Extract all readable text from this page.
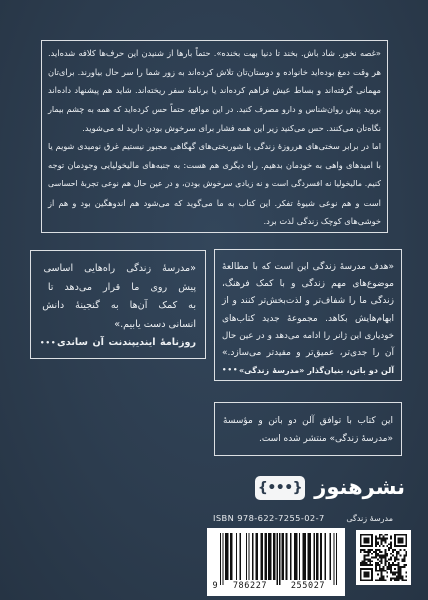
«غصه نخور. شاد باش. بخند تا دنیا بهت بخنده». حتماً بارها از شنیدن این حرف‌ها کلافه شده‌اید.
هر وقت دمغ بوده‌اید خانواده و دوستان‌تان تلاش کرده‌اند به زور شما را سر حال بیاورند. برای‌تان
مهمانی گرفته‌اند و بساط عیش فراهم کرده‌اند یا برنامهٔ سفر ریخته‌اند. شاید هم پیشنهاد داده‌اند
بروید پیش روان‌شناس و دارو مصرف کنید. در این مواقع، حتماً حس کرده‌اید که همه به چشم بیمار
نگاه‌تان می‌کنند. حس می‌کنید زیر این همه فشار برای سرخوش بودن دارید له می‌شوید.
اما در برابر سختی‌های هرروزهٔ زندگی یا شوربختی‌های گهگاهی مجبور نیستیم غرق نومیدی شویم یا
با امیدهای واهی به خودمان بدهیم. راه دیگری هم هست: به جنبه‌های مالیخولیایی وجودمان توجه
کنیم. مالیخولیا نه افسردگی است و نه زیادی سرخوش بودن، و در عین حال هم نوعی تجربهٔ احساسی
است و هم نوعی شیوهٔ تفکر. این کتاب به ما می‌گوید که می‌شود هم اندوهگین بود و هم از
خوشی‌های کوچک زندگی لذت برد.
«مدرسهٔ زندگی راه‌هایی اساسی
پیش روی ما قرار می‌دهد تا
به کمک آن‌ها به گنجینهٔ دانش
انسانی دست یابیم.»
روزنامهٔ ایندیپندنت آن ساندی
•••
«هدف مدرسهٔ زندگی این است که با مطالعهٔ
موضوع‌های مهم زندگی و با کمک فرهنگ،
زندگی ما را شفاف‌تر و لذت‌بخش‌تر کنند و از
ابهام‌هایش بکاهد. مجموعهٔ جدید کتاب‌های
خودیاری این ژانر را ادامه می‌دهد و در عین حال
آن را جدی‌تر، عمیق‌تر و مفیدتر می‌سازد.»
آلن دو باتن، بنیان‌گذار «مدرسهٔ زندگی»
•••
این کتاب با توافق آلن دو باتن و مؤسسهٔ
«مدرسهٔ زندگی» منتشر شده است.
نشرهنوز
{•••}
مدرسهٔ زندگی
ISBN 978-622-7255-02-7
9	786227	255027
